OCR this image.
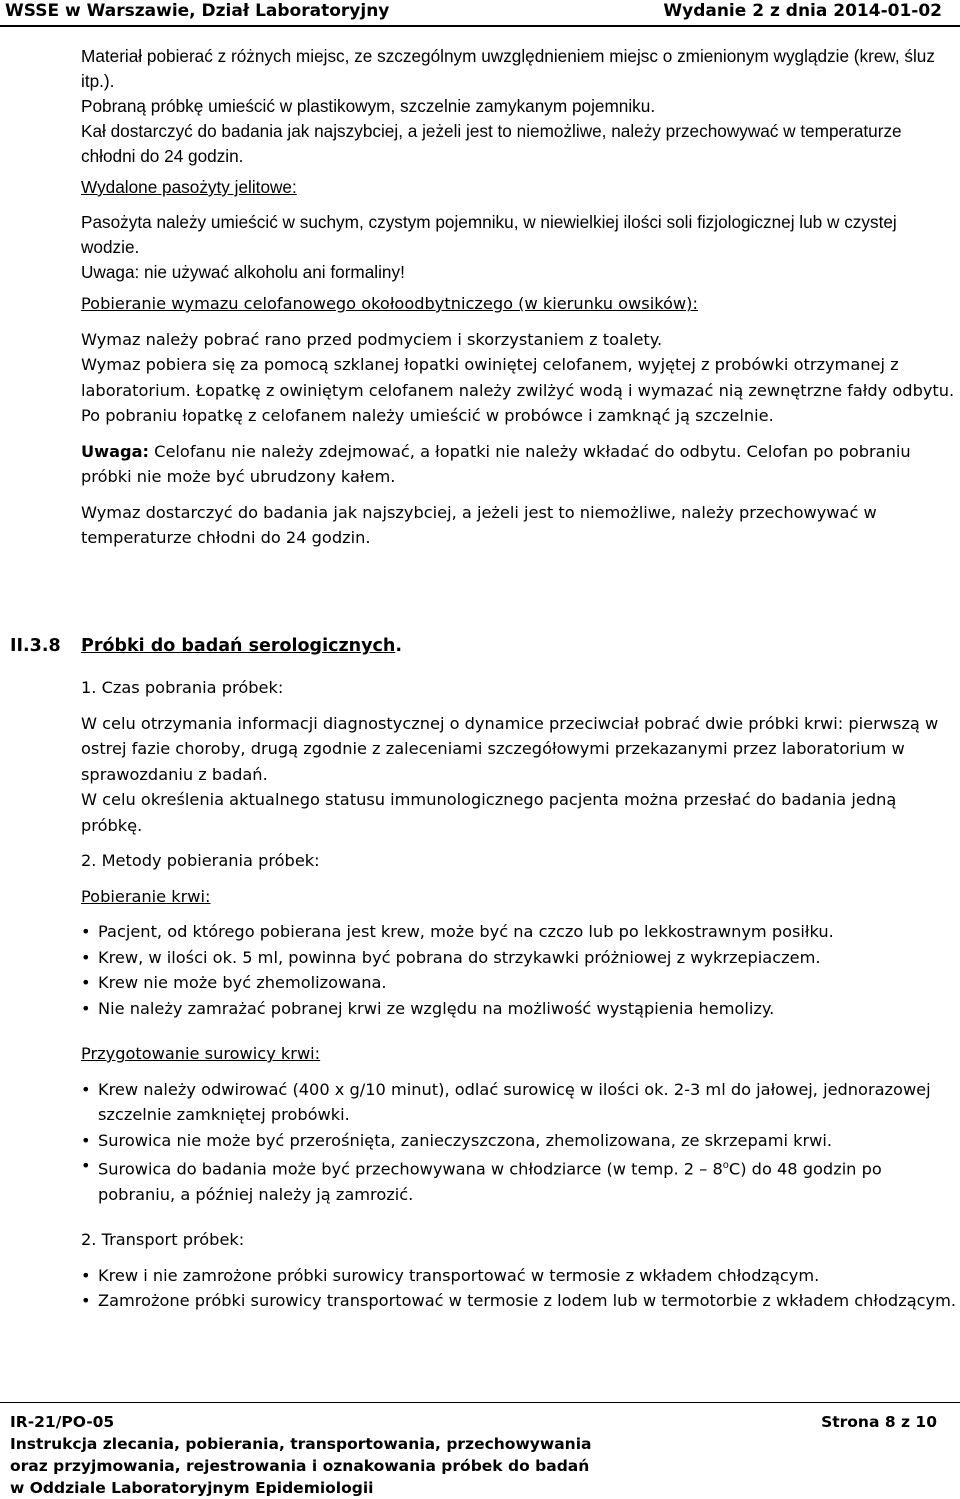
WSSE w Warszawie, Dział Laboratoryjny	Wydanie 2 z dnia 2014-01-02

Materiał pobierać z różnych miejsc, ze szczególnym uwzględnieniem miejsc o zmienionym wyglądzie (krew, śluz itp.).

Pobraną próbkę umieścić w plastikowym, szczelnie zamykanym pojemniku.

Kał dostarczyć do badania jak najszybciej, a jeżeli jest to niemożliwe, należy przechowywać w temperaturze chłodni do 24 godzin.

Wydalone pasożyty jelitowe:

Pasożyta należy umieścić w suchym, czystym pojemniku, w niewielkiej ilości soli fizjologicznej lub w czystej wodzie.

Uwaga: nie używać alkoholu ani formaliny!

Pobieranie wymazu celofanowego okołoodbytniczego (w kierunku owsików):

Wymaz należy pobrać rano przed podmyciem i skorzystaniem z toalety.

Wymaz pobiera się za pomocą szklanej łopatki owiniętej celofanem, wyjętej z probówki otrzymanej z laboratorium. Łopatkę z owiniętym celofanem należy zwilżyć wodą i wymazać nią zewnętrzne fałdy odbytu. Po pobraniu łopatkę z celofanem należy umieścić w probówce i zamknąć ją szczelnie.

Uwaga: Celofanu nie należy zdejmować, a łopatki nie należy wkładać do odbytu. Celofan po pobraniu próbki nie może być ubrudzony kałem.

Wymaz dostarczyć do badania jak najszybciej, a jeżeli jest to niemożliwe, należy przechowywać w temperaturze chłodni do 24 godzin.

II.3.8 Próbki do badań serologicznych.

1. Czas pobrania próbek:

W celu otrzymania informacji diagnostycznej o dynamice przeciwciał pobrać dwie próbki krwi: pierwszą w ostrej fazie choroby, drugą zgodnie z zaleceniami szczegółowymi przekazanymi przez laboratorium w sprawozdaniu z badań.

W celu określenia aktualnego statusu immunologicznego pacjenta można przesłać do badania jedną próbkę.

2. Metody pobierania próbek:

Pobieranie krwi:

• Pacjent, od którego pobierana jest krew, może być na czczo lub po lekkostrawnym posiłku.
• Krew, w ilości ok. 5 ml, powinna być pobrana do strzykawki próżniowej z wykrzepiaczem.
• Krew nie może być zhemolizowana.
• Nie należy zamrażać pobranej krwi ze względu na możliwość wystąpienia hemolizy.

Przygotowanie surowicy krwi:

• Krew należy odwirować (400 x g/10 minut), odlać surowicę w ilości ok. 2-3 ml do jałowej, jednorazowej szczelnie zamkniętej probówki.
• Surowica nie może być przerośnięta, zanieczyszczona, zhemolizowana, ze skrzepami krwi.
• Surowica do badania może być przechowywana w chłodziarce (w temp. 2 – 8$^o$C) do 48 godzin po pobraniu, a później należy ją zamrozić.

2. Transport próbek:

• Krew i nie zamrożone próbki surowicy transportować w termosie z wkładem chłodzącym.
• Zamrożone próbki surowicy transportować w termosie z lodem lub w termotorbie z wkładem chłodzącym.
IR-21/PO-05
Instrukcja zlecania, pobierania, transportowania, przechowywania
oraz przyjmowania, rejestrowania i oznakowania próbek do badań
w Oddziale Laboratoryjnym Epidemiologii
Strona 8 z 10
